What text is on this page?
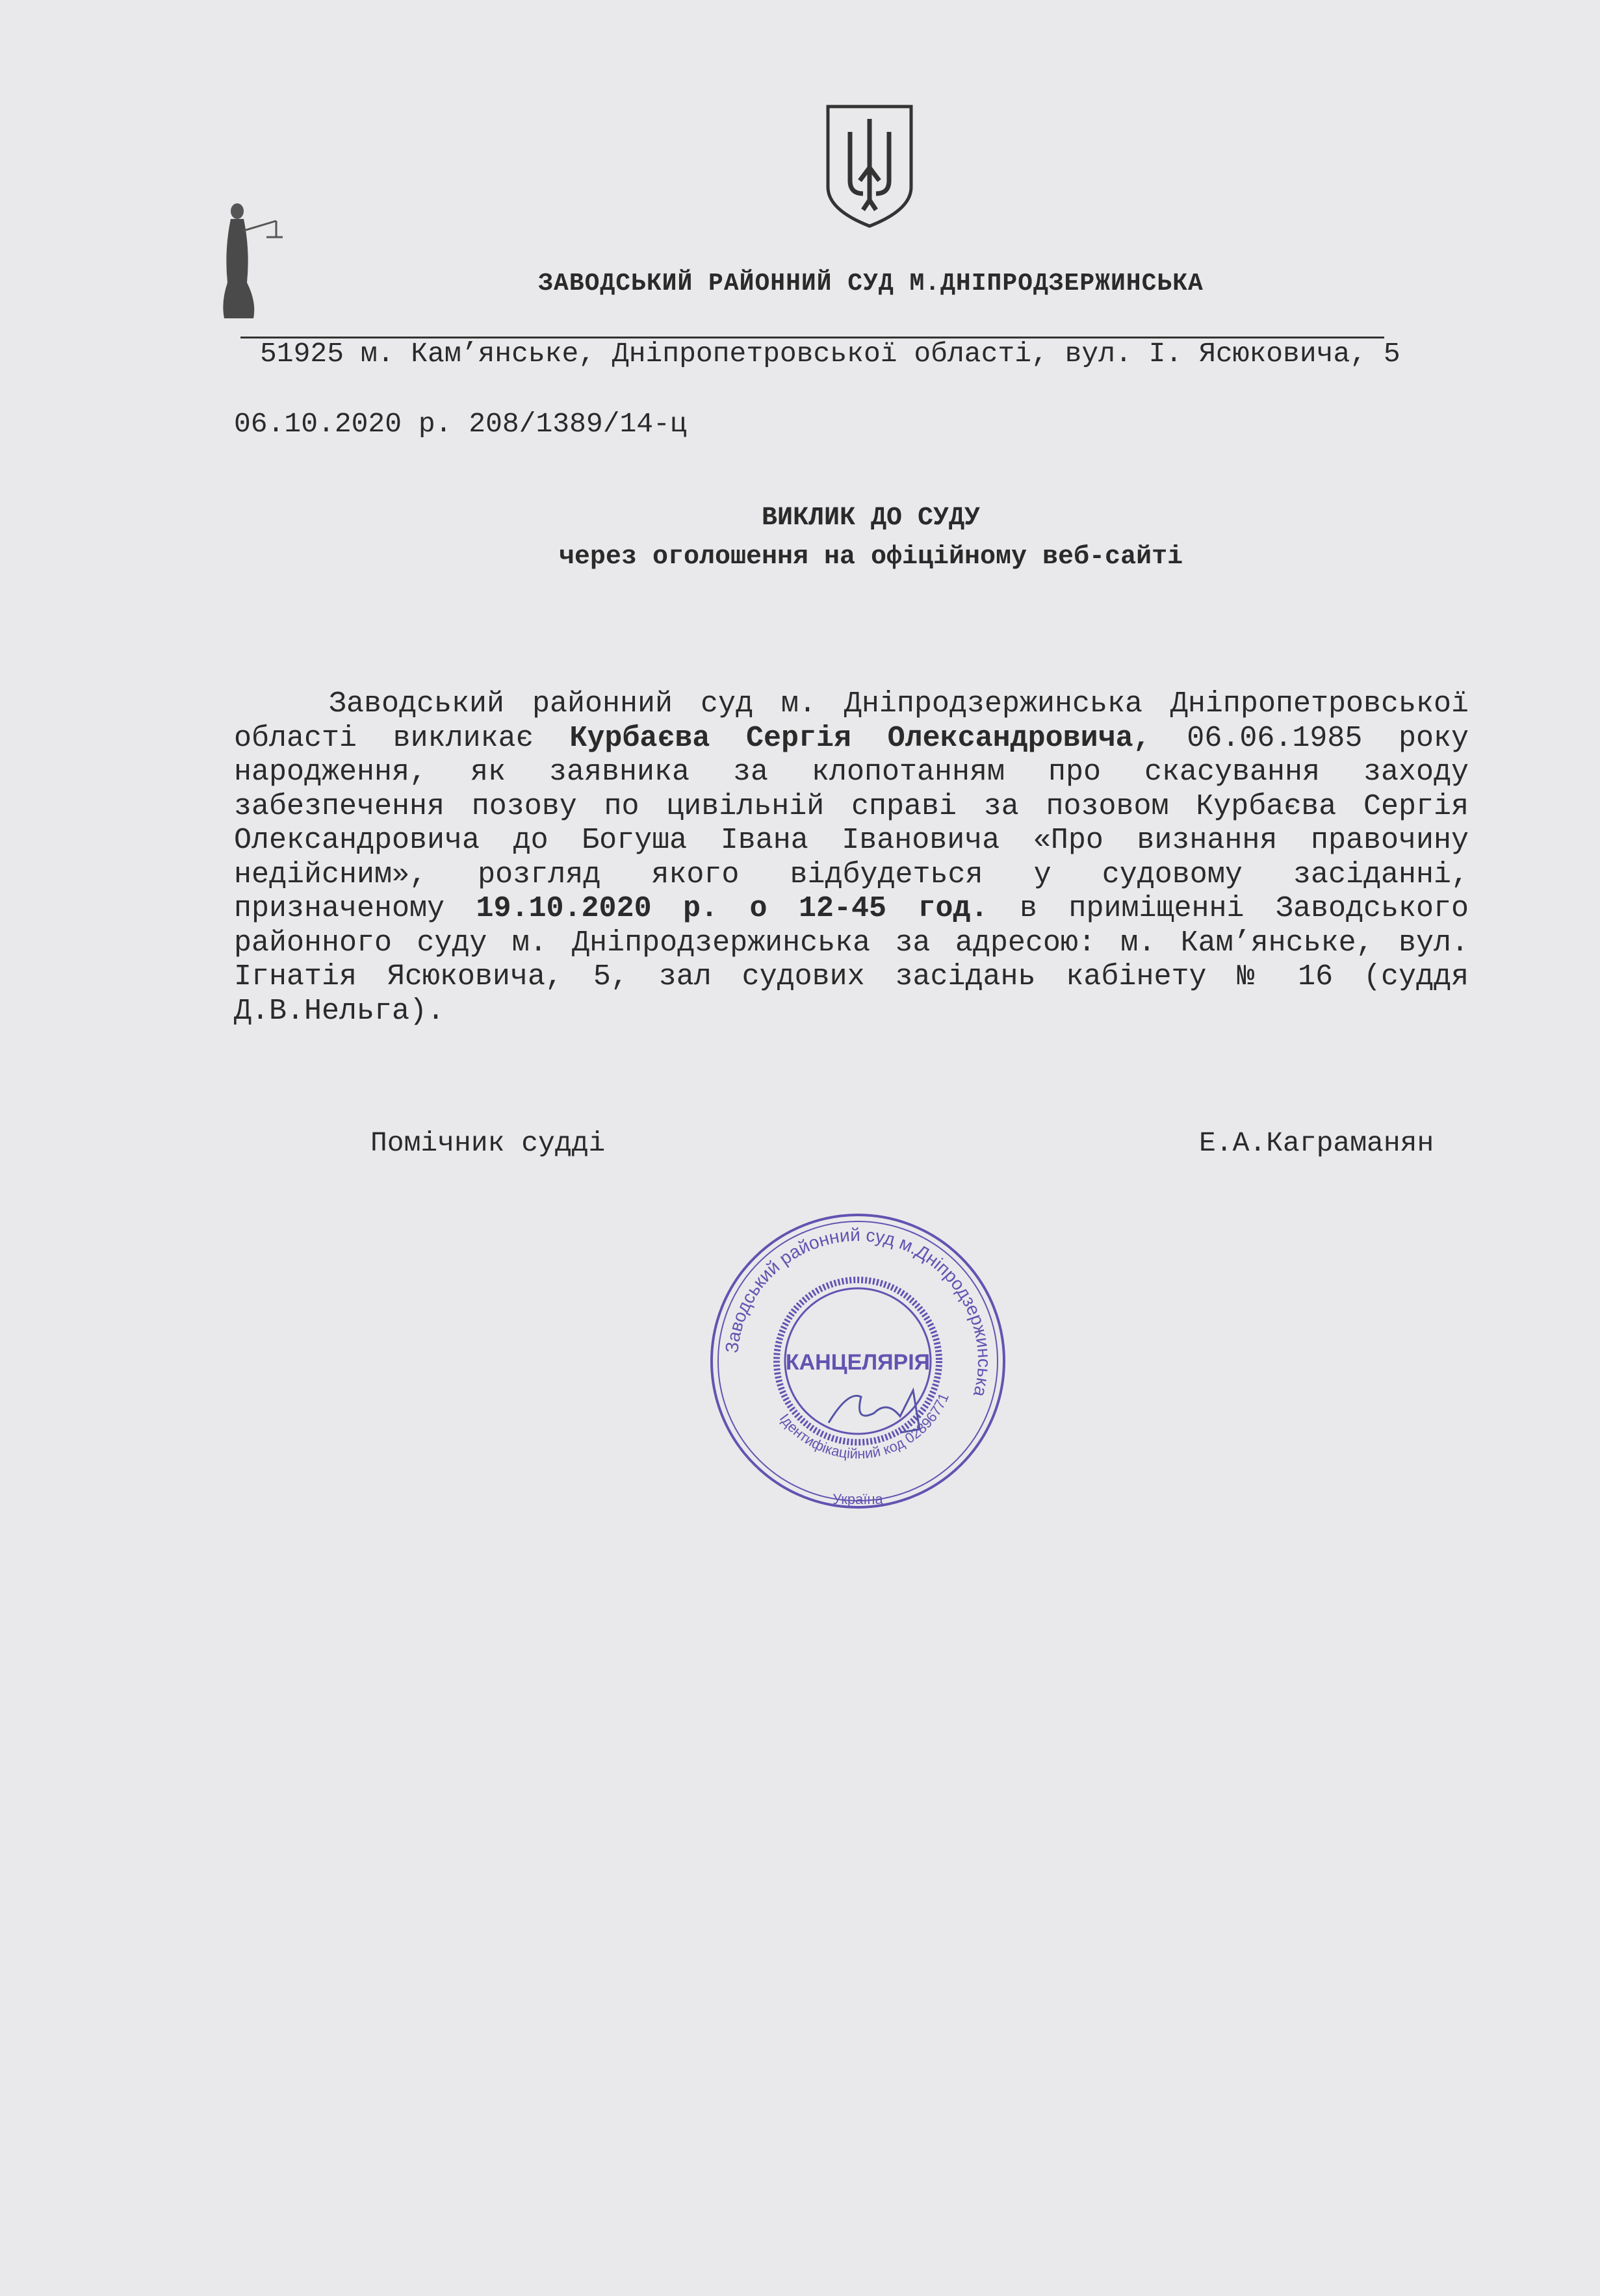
ЗАВОДСЬКИЙ РАЙОННИЙ СУД М.ДНІПРОДЗЕРЖИНСЬКА
51925 м. Кам’янське, Дніпропетровської області, вул. І. Ясюковича, 5
06.10.2020 р. 208/1389/14-ц
ВИКЛИК ДО СУДУ
через оголошення на офіційному веб-сайті
Заводський районний суд м. Дніпродзержинська Дніпропетровської
області викликає Курбаєва Сергія Олександровича, 06.06.1985 року
народження, як заявника за клопотанням про скасування заходу
забезпечення позову по цивільній справі за позовом Курбаєва Сергія
Олександровича до Богуша Івана Івановича «Про визнання правочину
недійсним», розгляд якого відбудеться у судовому засіданні,
призначеному 19.10.2020 р. о 12-45 год. в приміщенні Заводського
районного суду м. Дніпродзержинська за адресою: м. Кам’янське, вул.
Ігнатія Ясюковича, 5, зал судових засідань кабінету № 16 (суддя
Д.В.Нельга).
Помічник судді	Е.А.Каграманян
Заводський районний суд м.Дніпродзержинська
Ідентифікаційний код 02896771
КАНЦЕЛЯРІЯ
Україна
